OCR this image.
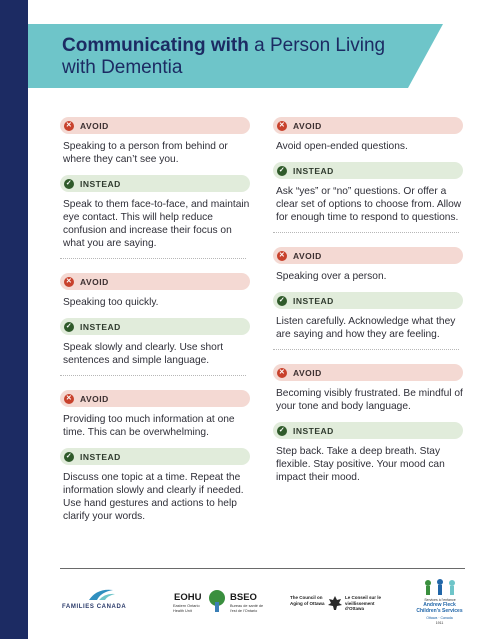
Communicating with a Person Living with Dementia
✕ AVOID

Speaking to a person from behind or where they can’t see you.

✓ INSTEAD

Speak to them face-to-face, and maintain eye contact. This will help reduce confusion and increase their focus on what you are saying.

✕ AVOID

Speaking too quickly.

✓ INSTEAD

Speak slowly and clearly. Use short sentences and simple language.

✕ AVOID

Providing too much information at one time. This can be overwhelming.

✓ INSTEAD

Discuss one topic at a time. Repeat the information slowly and clearly if needed. Use hand gestures and actions to help clarify your words.

✕ AVOID

Avoid open-ended questions.

✓ INSTEAD

Ask “yes” or “no” questions. Or offer a clear set of options to choose from. Allow for enough time to respond to questions.

✕ AVOID

Speaking over a person.

✓ INSTEAD

Listen carefully. Acknowledge what they are saying and how they are feeling.

✕ AVOID

Becoming visibly frustrated. Be mindful of your tone and body language.

✓ INSTEAD

Step back. Take a deep breath. Stay flexible. Stay positive. Your mood can impact their mood.

FAMILIES CANADA
EOHU
Eastern Ontario Health Unit
BSEO
Bureau de santé de l’est de l’Ontario
The Council on Aging of Ottawa
Le Conseil sur le vieillissement d’Ottawa
Services à l’enfance
Andrew Fleck Children’s Services
Ottawa · Canada
1911
